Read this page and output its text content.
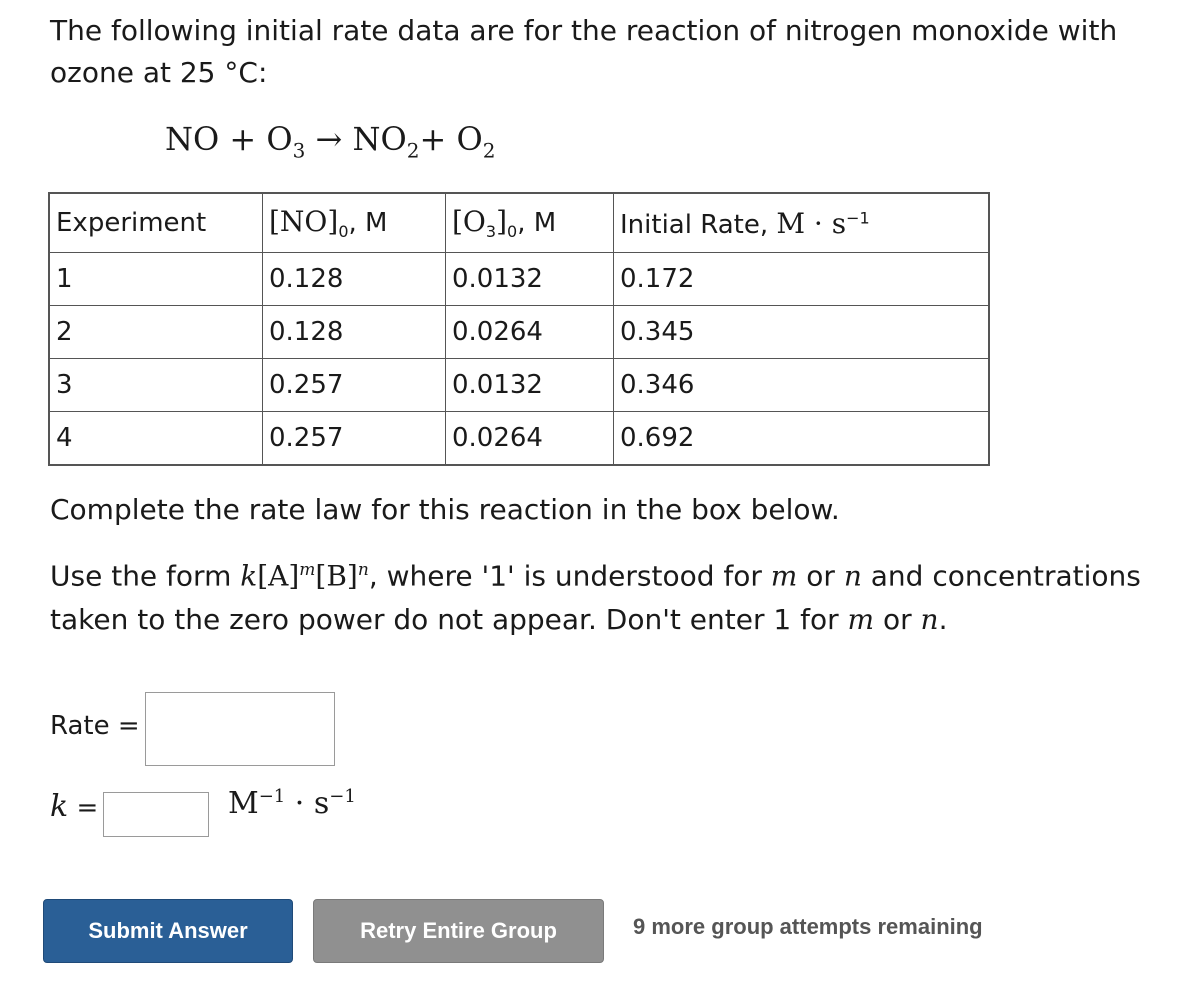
The following initial rate data are for the reaction of nitrogen monoxide with ozone at 25 °C:
NO + $O_3 \to NO_2+ O_2$
Experiment	$[NO]_0$, M	$[O_3]_0$, M	Initial Rate, $M \cdot s^{-1}$
1	0.128	0.0132	0.172
2	0.128	0.0264	0.345
3	0.257	0.0132	0.346
4	0.257	0.0264	0.692
Complete the rate law for this reaction in the box below.
Use the form $k[A]^m[B]^n$, where '1' is understood for m or n and concentrations taken to the zero power do not appear. Don't enter 1 for m or n.
Rate =
k =	$M^{-1} \cdot s^{-1}$
Submit Answer	Retry Entire Group	9 more group attempts remaining
